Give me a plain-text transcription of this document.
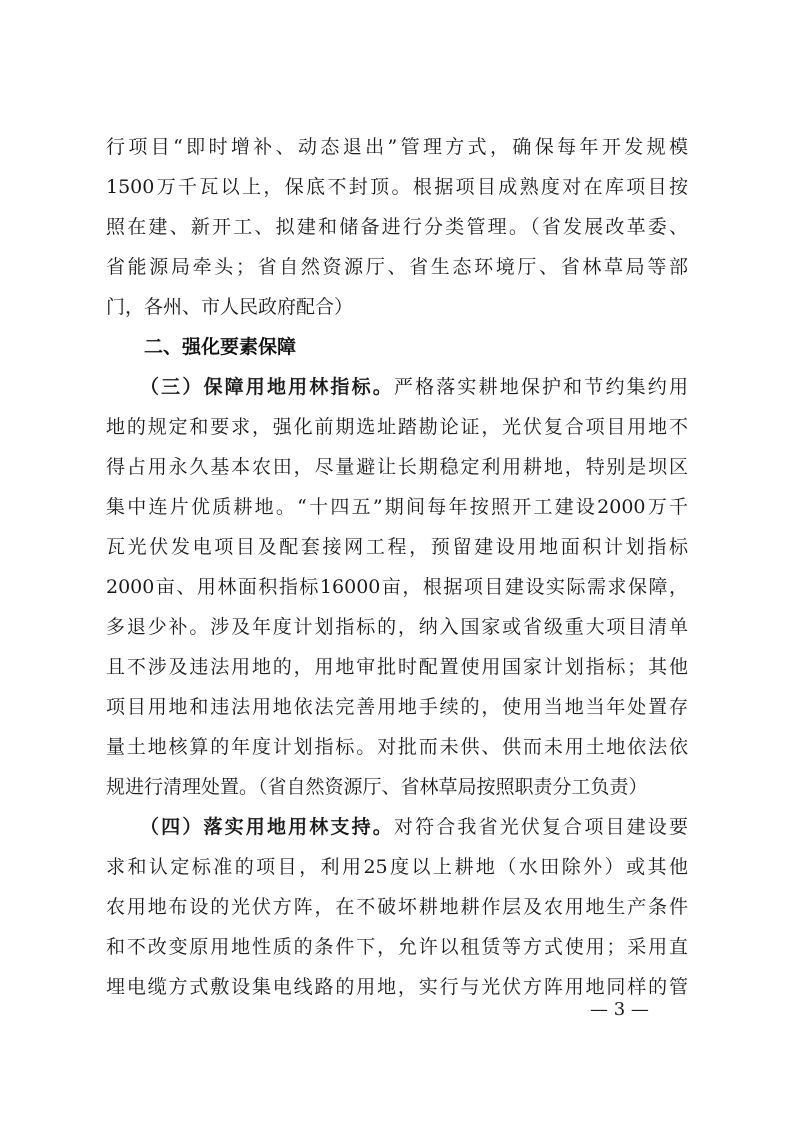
行项目“即时增补、动态退出”管理方式，确保每年开发规模
1500万千瓦以上，保底不封顶。根据项目成熟度对在库项目按
照在建、新开工、拟建和储备进行分类管理。（省发展改革委、
省能源局牵头；省自然资源厅、省生态环境厅、省林草局等部
门，各州、市人民政府配合）
二、强化要素保障
（三）保障用地用林指标。严格落实耕地保护和节约集约用
地的规定和要求，强化前期选址踏勘论证，光伏复合项目用地不
得占用永久基本农田，尽量避让长期稳定利用耕地，特别是坝区
集中连片优质耕地。“十四五”期间每年按照开工建设2000万千
瓦光伏发电项目及配套接网工程，预留建设用地面积计划指标
2000亩、用林面积指标16000亩，根据项目建设实际需求保障，
多退少补。涉及年度计划指标的，纳入国家或省级重大项目清单
且不涉及违法用地的，用地审批时配置使用国家计划指标；其他
项目用地和违法用地依法完善用地手续的，使用当地当年处置存
量土地核算的年度计划指标。对批而未供、供而未用土地依法依
规进行清理处置。（省自然资源厅、省林草局按照职责分工负责）
（四）落实用地用林支持。对符合我省光伏复合项目建设要
求和认定标准的项目，利用25度以上耕地（水田除外）或其他
农用地布设的光伏方阵，在不破坏耕地耕作层及农用地生产条件
和不改变原用地性质的条件下，允许以租赁等方式使用；采用直
埋电缆方式敷设集电线路的用地，实行与光伏方阵用地同样的管
— 3 —
